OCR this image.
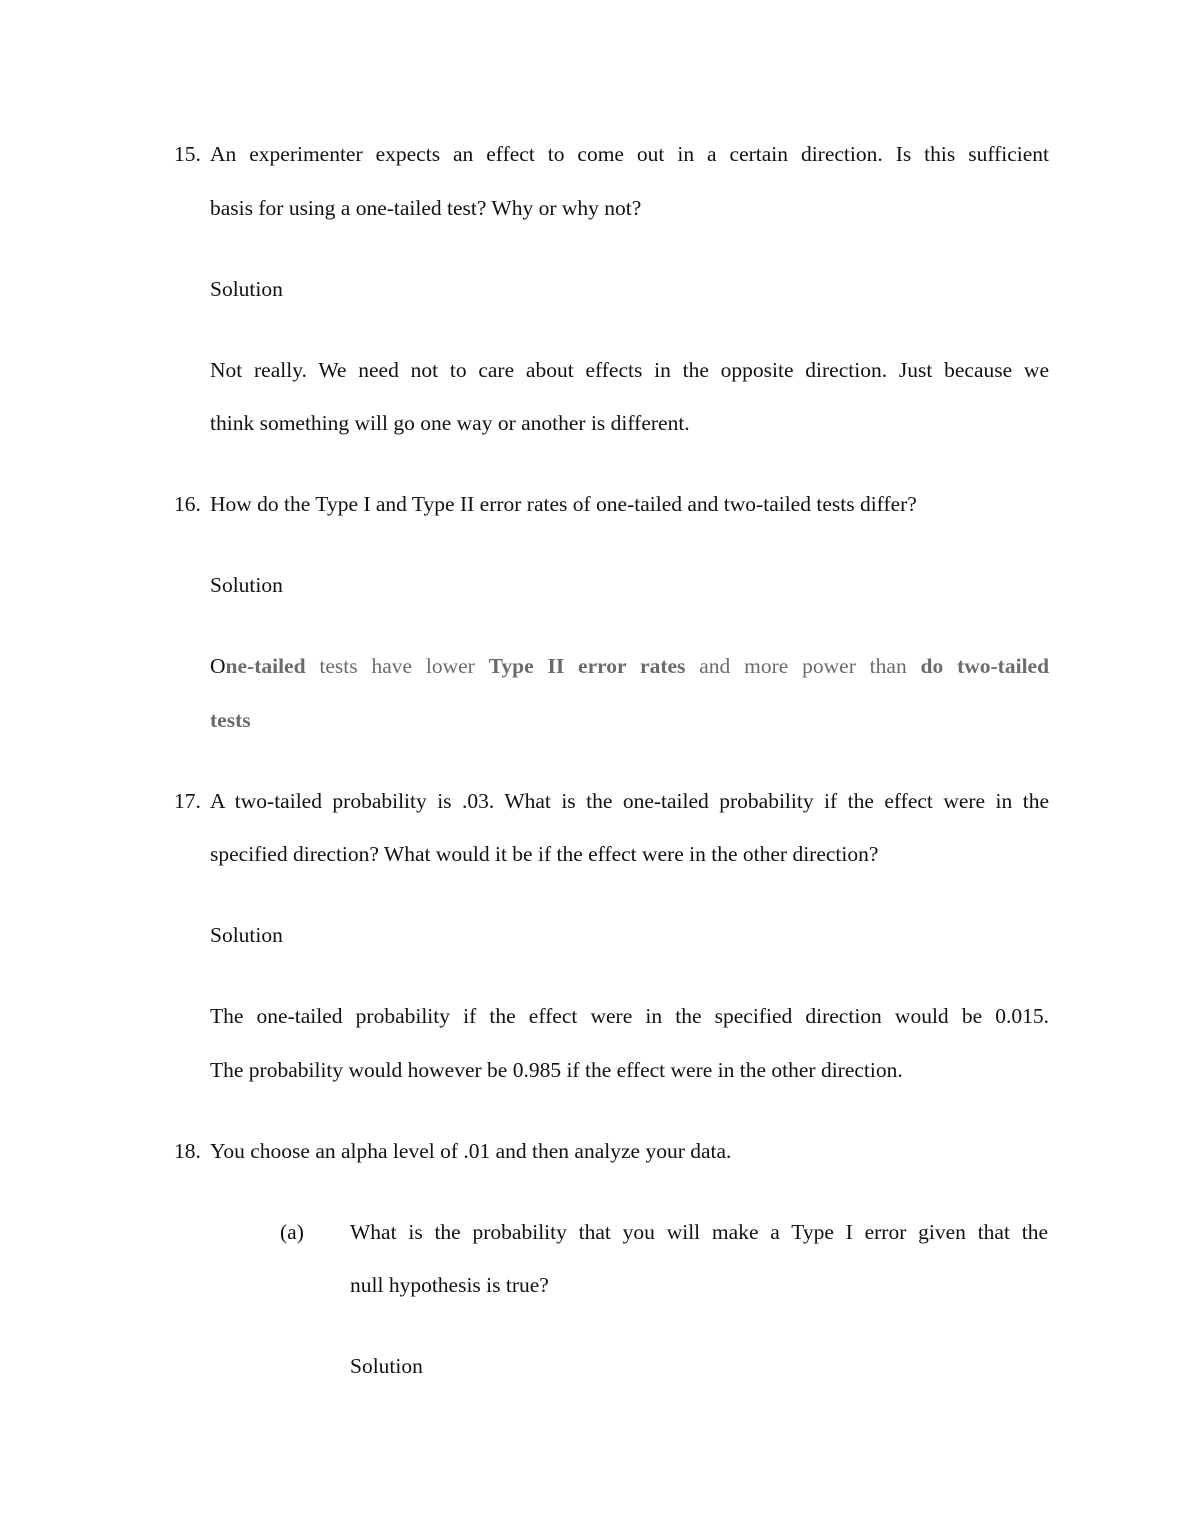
15. An experimenter expects an effect to come out in a certain direction. Is this sufficient
basis for using a one-tailed test? Why or why not?
Solution
Not really. We need not to care about effects in the opposite direction. Just because we
think something will go one way or another is different.
16. How do the Type I and Type II error rates of one-tailed and two-tailed tests differ?
Solution
One-tailed tests have lower Type II error rates and more power than do two-tailed
tests
17. A two-tailed probability is .03. What is the one-tailed probability if the effect were in the
specified direction? What would it be if the effect were in the other direction?
Solution
The one-tailed probability if the effect were in the specified direction would be 0.015.
The probability would however be 0.985 if the effect were in the other direction.
18. You choose an alpha level of .01 and then analyze your data.
(a) What is the probability that you will make a Type I error given that the
null hypothesis is true?
Solution
